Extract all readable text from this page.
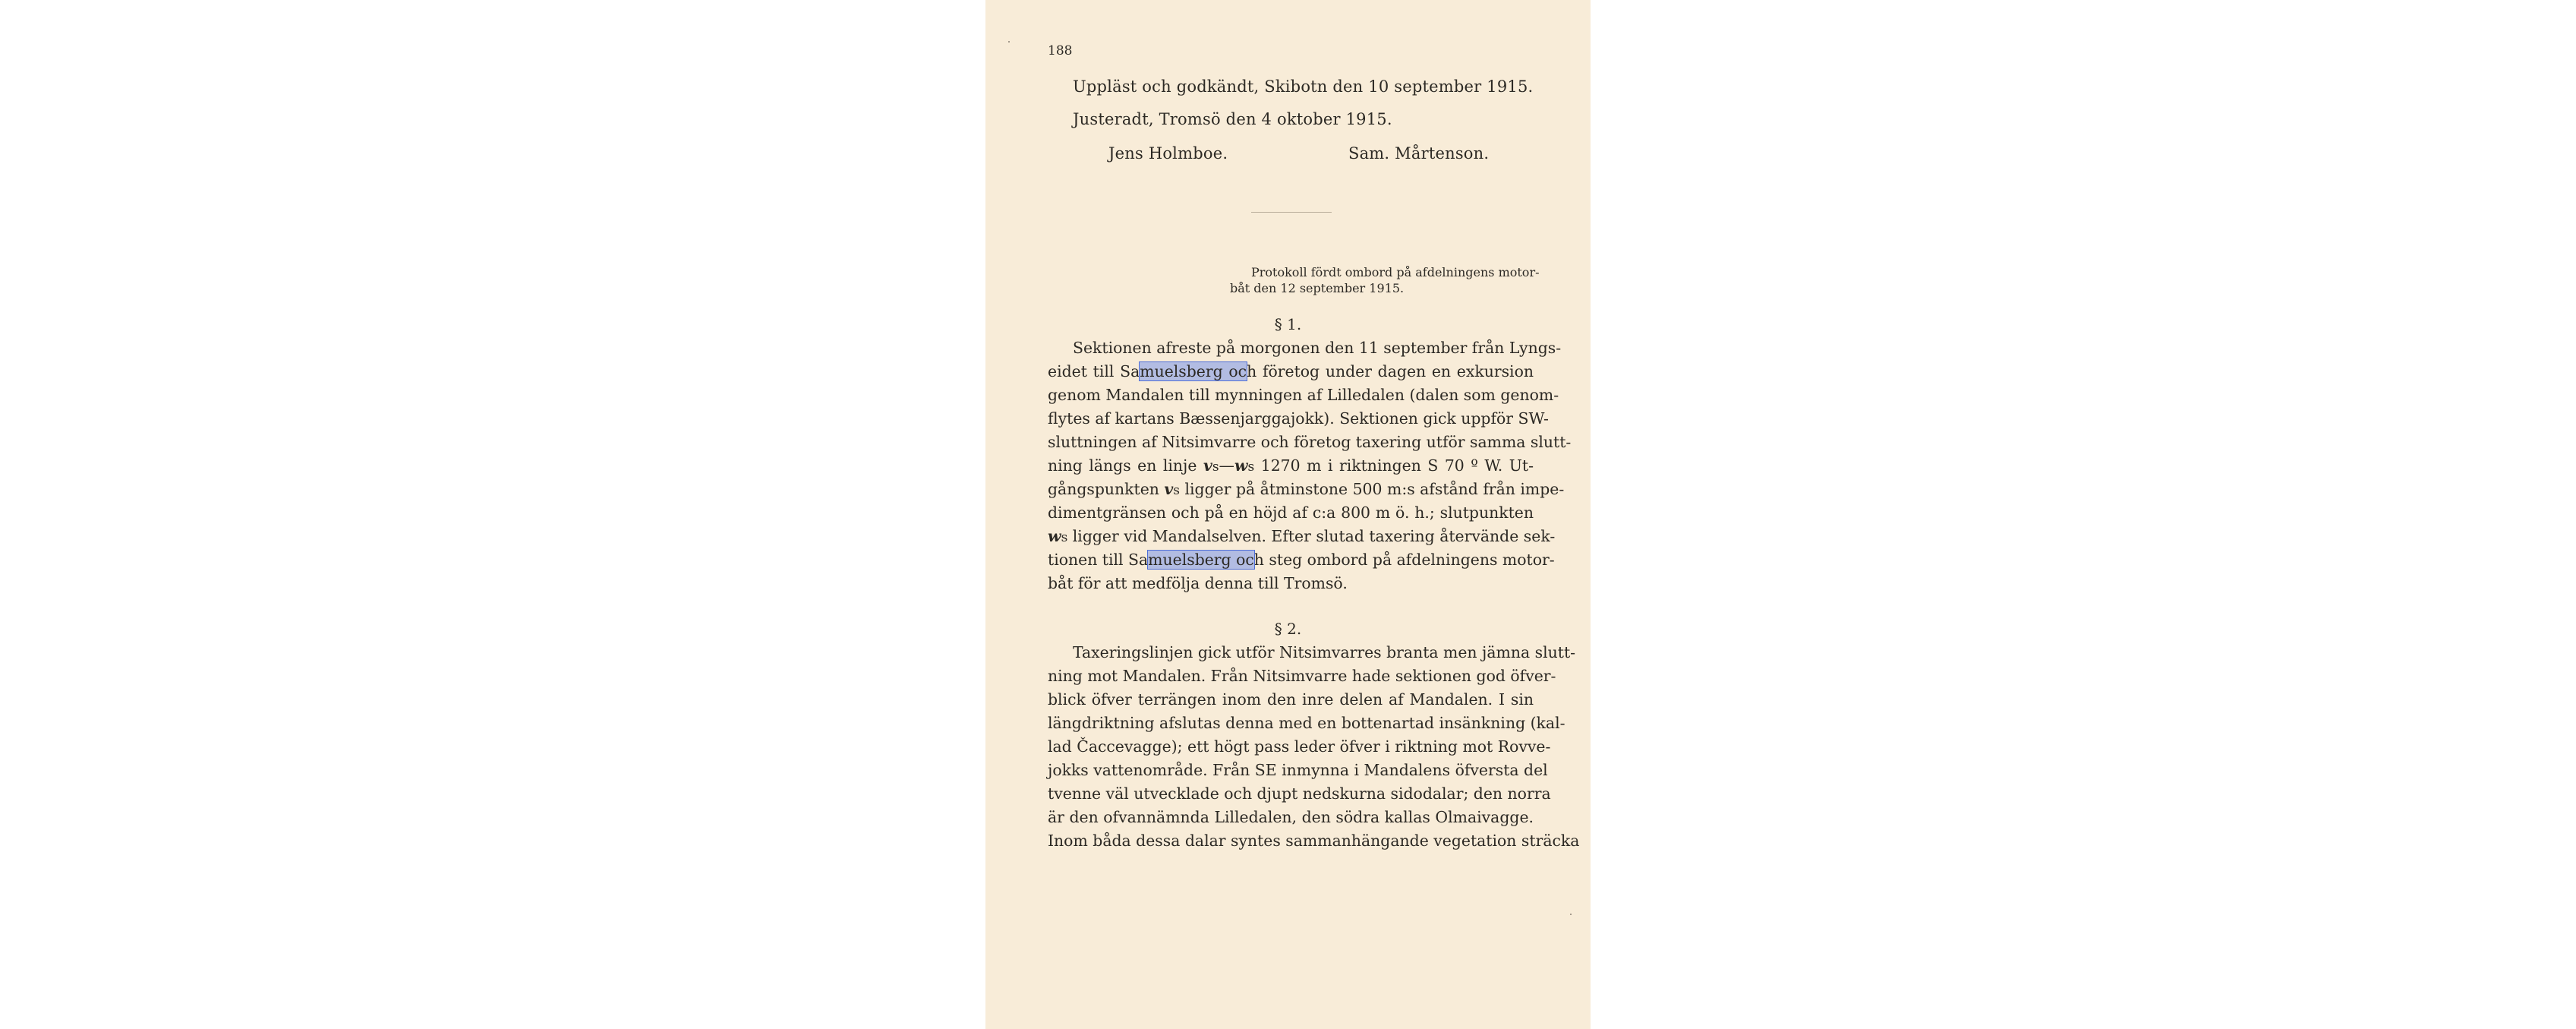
188
Uppläst och godkändt, Skibotn den 10 september 1915.
Justeradt, Tromsö den 4 oktober 1915.
Jens Holmboe.	Sam. Mårtenson.
Protokoll fördt ombord på afdelningens motor-
båt den 12 september 1915.
§ 1.
Sektionen afreste på morgonen den 11 september från Lyngs-
eidet till Samuelsberg och företog under dagen en exkursion
genom Mandalen till mynningen af Lilledalen (dalen som genom-
flytes af kartans Bæssenjarggajokk). Sektionen gick uppför SW-
sluttningen af Nitsimvarre och företog taxering utför samma slutt-
ning längs en linje vs—ws 1270 m i riktningen S 70 º W. Ut-
gångspunkten vs ligger på åtminstone 500 m:s afstånd från impe-
dimentgränsen och på en höjd af c:a 800 m ö. h.; slutpunkten
ws ligger vid Mandalselven. Efter slutad taxering återvände sek-
tionen till Samuelsberg och steg ombord på afdelningens motor-
båt för att medfölja denna till Tromsö.
§ 2.
Taxeringslinjen gick utför Nitsimvarres branta men jämna slutt-
ning mot Mandalen. Från Nitsimvarre hade sektionen god öfver-
blick öfver terrängen inom den inre delen af Mandalen. I sin
längdriktning afslutas denna med en bottenartad insänkning (kal-
lad Čaccevagge); ett högt pass leder öfver i riktning mot Rovve-
jokks vattenområde. Från SE inmynna i Mandalens öfversta del
tvenne väl utvecklade och djupt nedskurna sidodalar; den norra
är den ofvannämnda Lilledalen, den södra kallas Olmaivagge.
Inom båda dessa dalar syntes sammanhängande vegetation sträcka
